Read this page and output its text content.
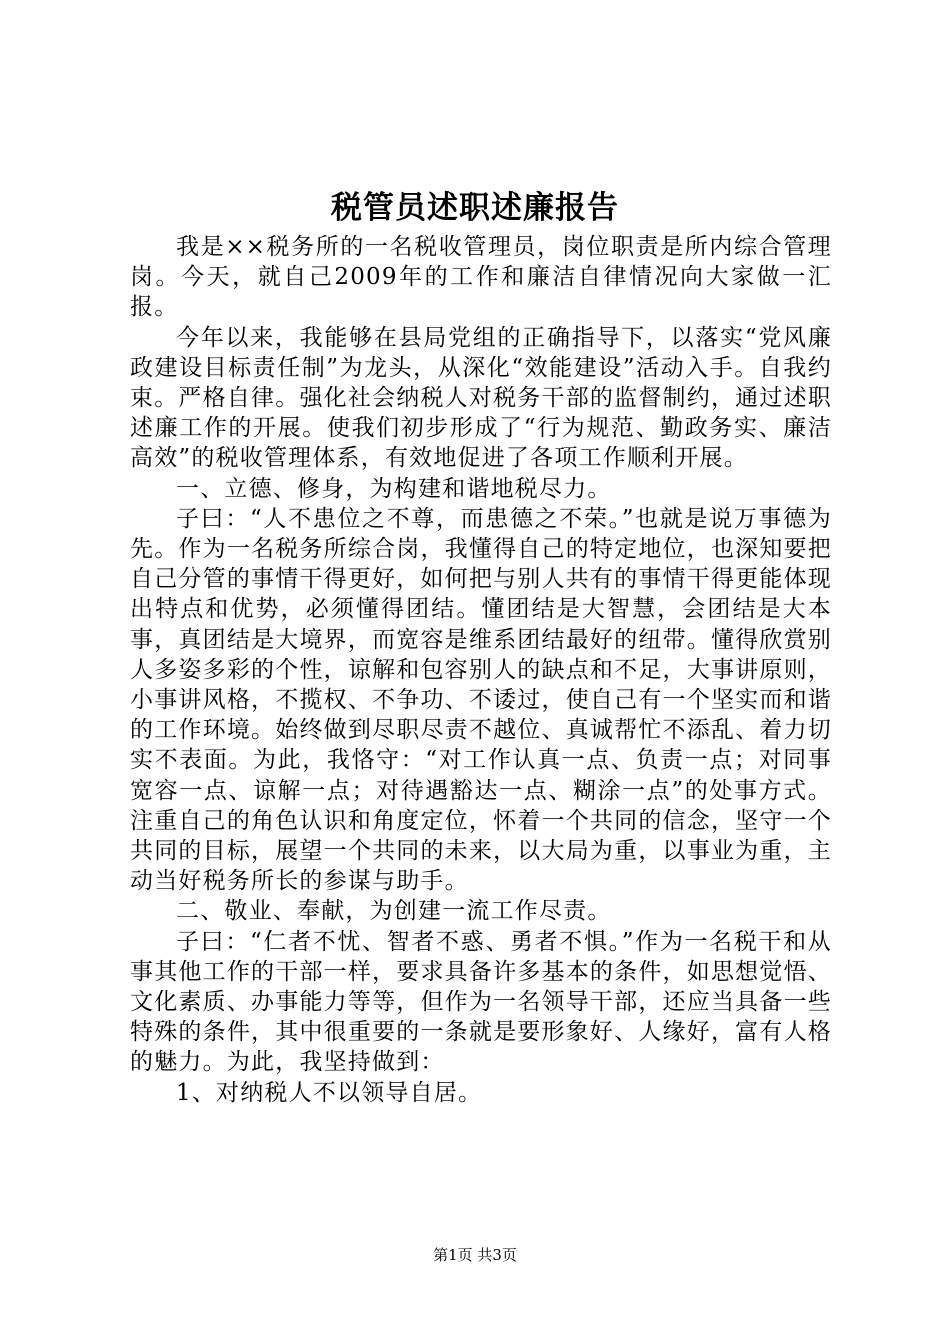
税管员述职述廉报告

我是××税务所的一名税收管理员，岗位职责是所内综合管理岗。今天，就自己2009年的工作和廉洁自律情况向大家做一汇报。

今年以来，我能够在县局党组的正确指导下，以落实“党风廉政建设目标责任制”为龙头，从深化“效能建设”活动入手。自我约束。严格自律。强化社会纳税人对税务干部的监督制约，通过述职述廉工作的开展。使我们初步形成了“行为规范、勤政务实、廉洁高效”的税收管理体系，有效地促进了各项工作顺利开展。

一、立德、修身，为构建和谐地税尽力。

子曰：“人不患位之不尊，而患德之不荣。”也就是说万事德为先。作为一名税务所综合岗，我懂得自己的特定地位，也深知要把自己分管的事情干得更好，如何把与别人共有的事情干得更能体现出特点和优势，必须懂得团结。懂团结是大智慧，会团结是大本事，真团结是大境界，而宽容是维系团结最好的纽带。懂得欣赏别人多姿多彩的个性，谅解和包容别人的缺点和不足，大事讲原则，小事讲风格，不揽权、不争功、不诿过，使自己有一个坚实而和谐的工作环境。始终做到尽职尽责不越位、真诚帮忙不添乱、着力切实不表面。为此，我恪守：“对工作认真一点、负责一点；对同事宽容一点、谅解一点；对待遇豁达一点、糊涂一点”的处事方式。注重自己的角色认识和角度定位，怀着一个共同的信念，坚守一个共同的目标，展望一个共同的未来，以大局为重，以事业为重，主动当好税务所长的参谋与助手。

二、敬业、奉献，为创建一流工作尽责。

子曰：“仁者不忧、智者不惑、勇者不惧。”作为一名税干和从事其他工作的干部一样，要求具备许多基本的条件，如思想觉悟、文化素质、办事能力等等，但作为一名领导干部，还应当具备一些特殊的条件，其中很重要的一条就是要形象好、人缘好，富有人格的魅力。为此，我坚持做到：

1、对纳税人不以领导自居。

第1页 共3页
